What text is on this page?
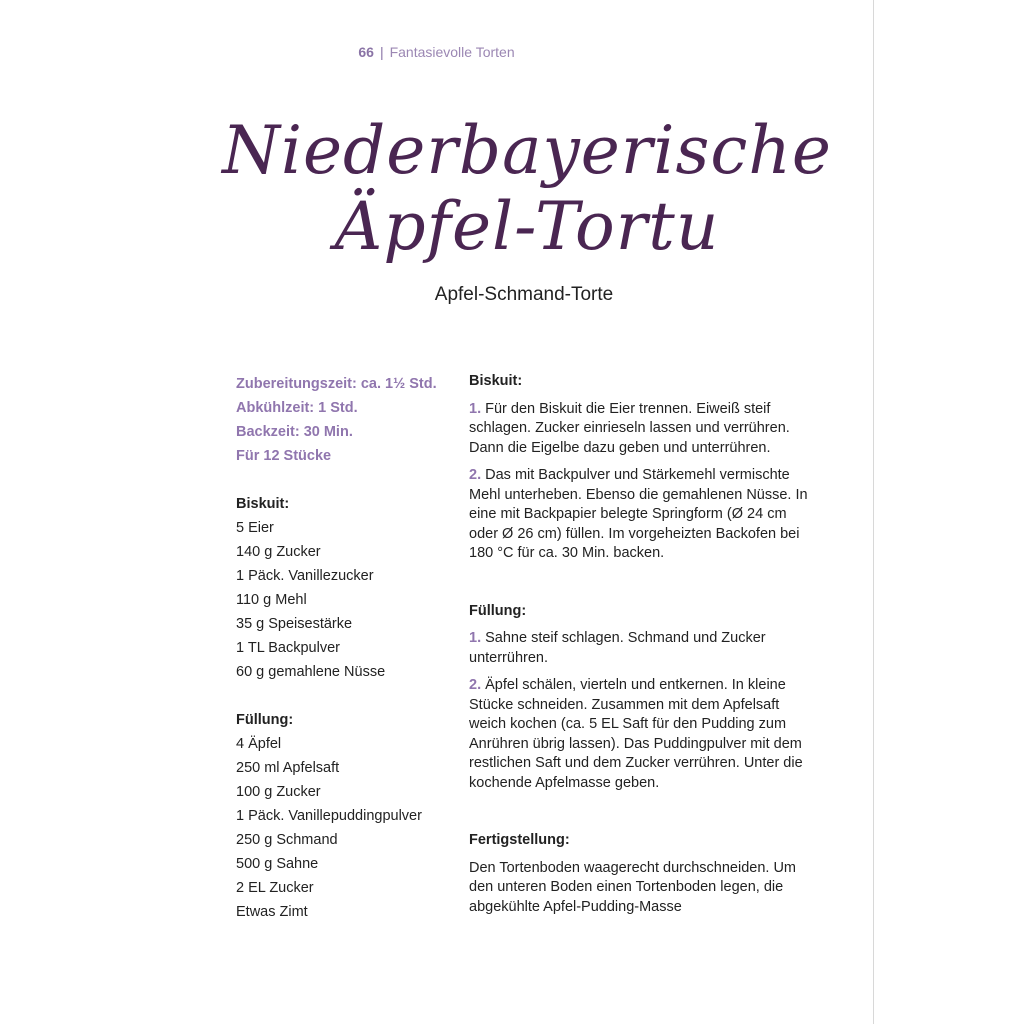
66 | Fantasievolle Torten
Niederbayerische
Äpfel-Tortu
Apfel-Schmand-Torte
Zubereitungszeit: ca. 1½ Std.
Abkühlzeit: 1 Std.
Backzeit: 30 Min.
Für 12 Stücke
Biskuit:
5 Eier
140 g Zucker
1 Päck. Vanillezucker
110 g Mehl
35 g Speisestärke
1 TL Backpulver
60 g gemahlene Nüsse
Füllung:
4 Äpfel
250 ml Apfelsaft
100 g Zucker
1 Päck. Vanillepuddingpulver
250 g Schmand
500 g Sahne
2 EL Zucker
Etwas Zimt
Biskuit:

1. Für den Biskuit die Eier trennen. Eiweiß steif schlagen. Zucker einrieseln lassen und verrühren. Dann die Eigelbe dazu geben und unterrühren.

2. Das mit Backpulver und Stärkemehl vermischte Mehl unterheben. Ebenso die gemahlenen Nüsse. In eine mit Backpapier belegte Springform (Ø 24 cm oder Ø 26 cm) füllen. Im vorgeheizten Backofen bei 180 °C für ca. 30 Min. backen.

Füllung:

1. Sahne steif schlagen. Schmand und Zucker unterrühren.

2. Äpfel schälen, vierteln und entkernen. In kleine Stücke schneiden. Zusammen mit dem Apfelsaft weich kochen (ca. 5 EL Saft für den Pudding zum Anrühren übrig lassen). Das Puddingpulver mit dem restlichen Saft und dem Zucker verrühren. Unter die kochende Apfelmasse geben.

Fertigstellung:

Den Tortenboden waagerecht durchschneiden. Um den unteren Boden einen Tortenboden legen, die abgekühlte Apfel-Pudding-Masse
